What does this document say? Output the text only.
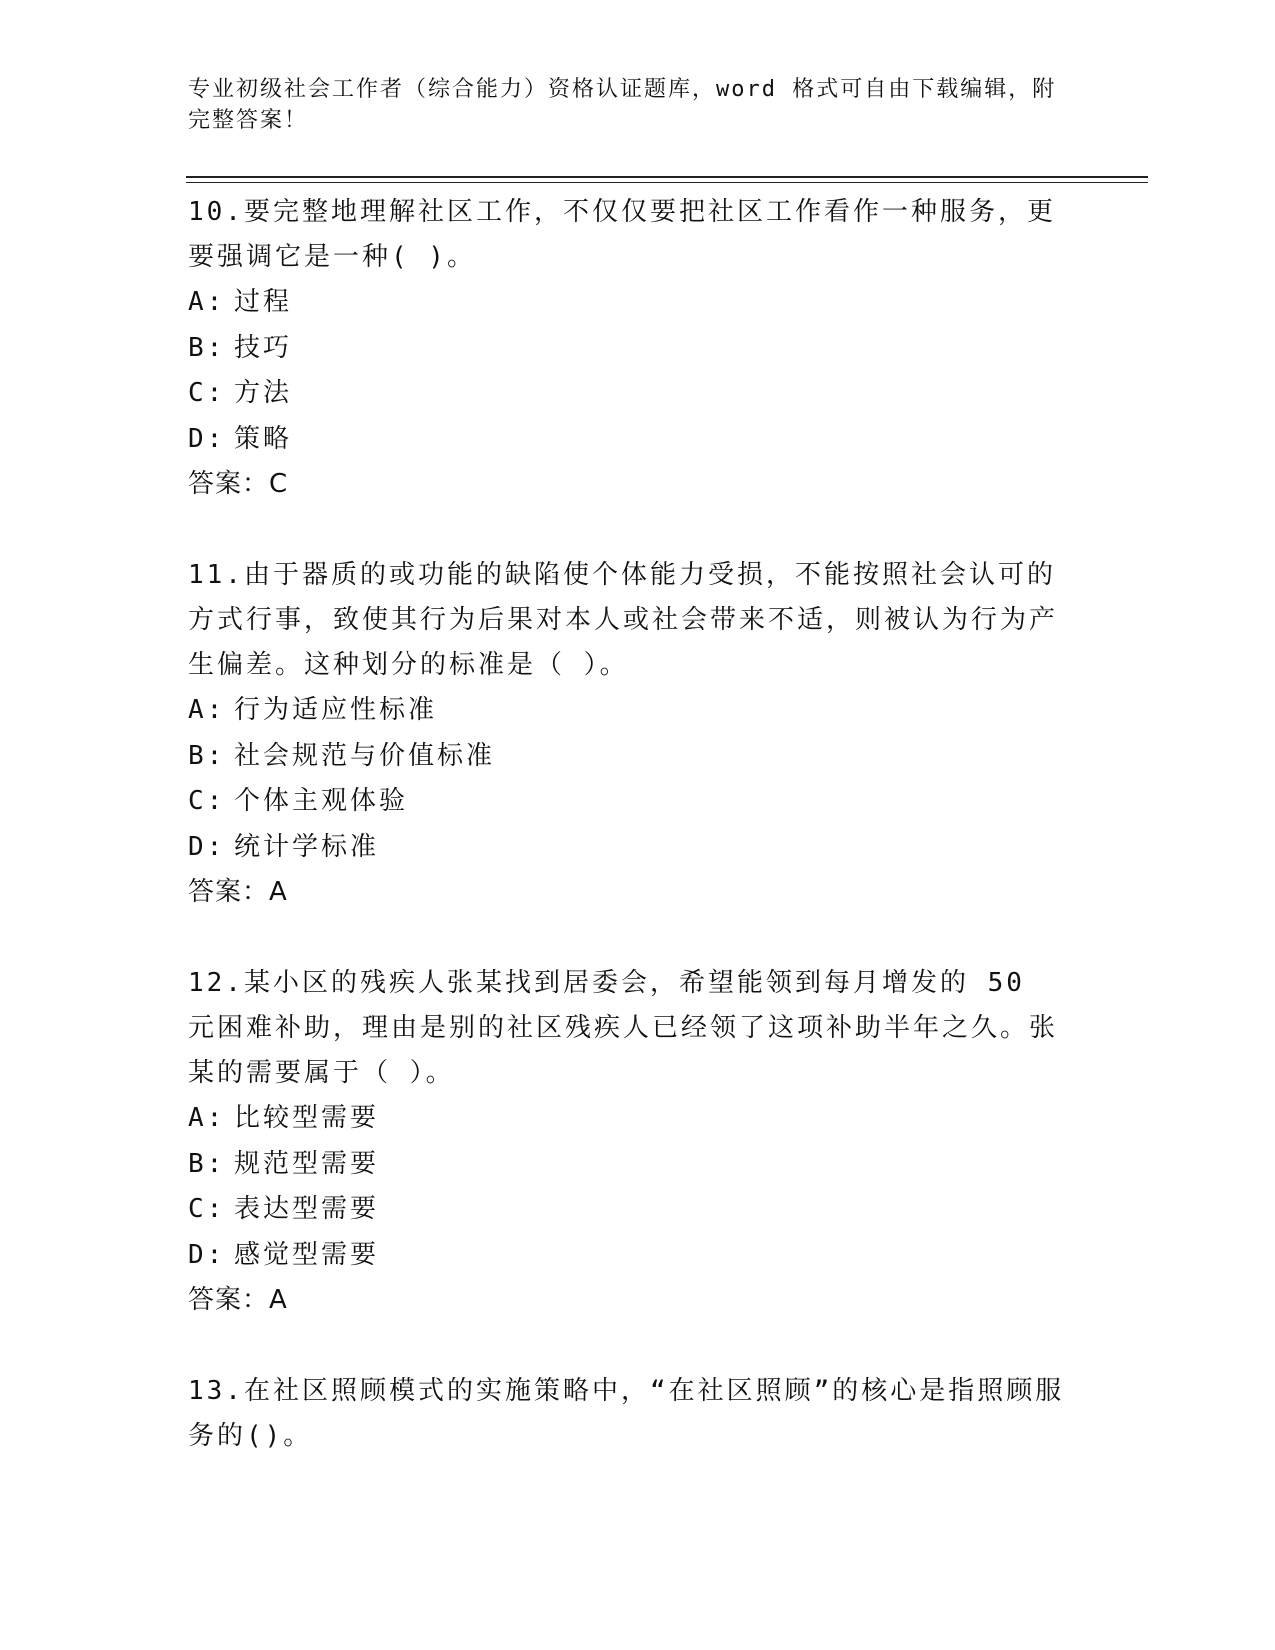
专业初级社会工作者（综合能力）资格认证题库，word 格式可自由下载编辑，附完整答案！
10.要完整地理解社区工作，不仅仅要把社区工作看作一种服务，更要强调它是一种( )。
A: 过程
B: 技巧
C: 方法
D: 策略
答案：C
11.由于器质的或功能的缺陷使个体能力受损，不能按照社会认可的方式行事，致使其行为后果对本人或社会带来不适，则被认为行为产生偏差。这种划分的标准是（ ）。
A: 行为适应性标准
B: 社会规范与价值标准
C: 个体主观体验
D: 统计学标准
答案：A
12.某小区的残疾人张某找到居委会，希望能领到每月增发的 50 元困难补助，理由是别的社区残疾人已经领了这项补助半年之久。张某的需要属于（ ）。
A: 比较型需要
B: 规范型需要
C: 表达型需要
D: 感觉型需要
答案：A
13.在社区照顾模式的实施策略中，“在社区照顾”的核心是指照顾服务的()。
